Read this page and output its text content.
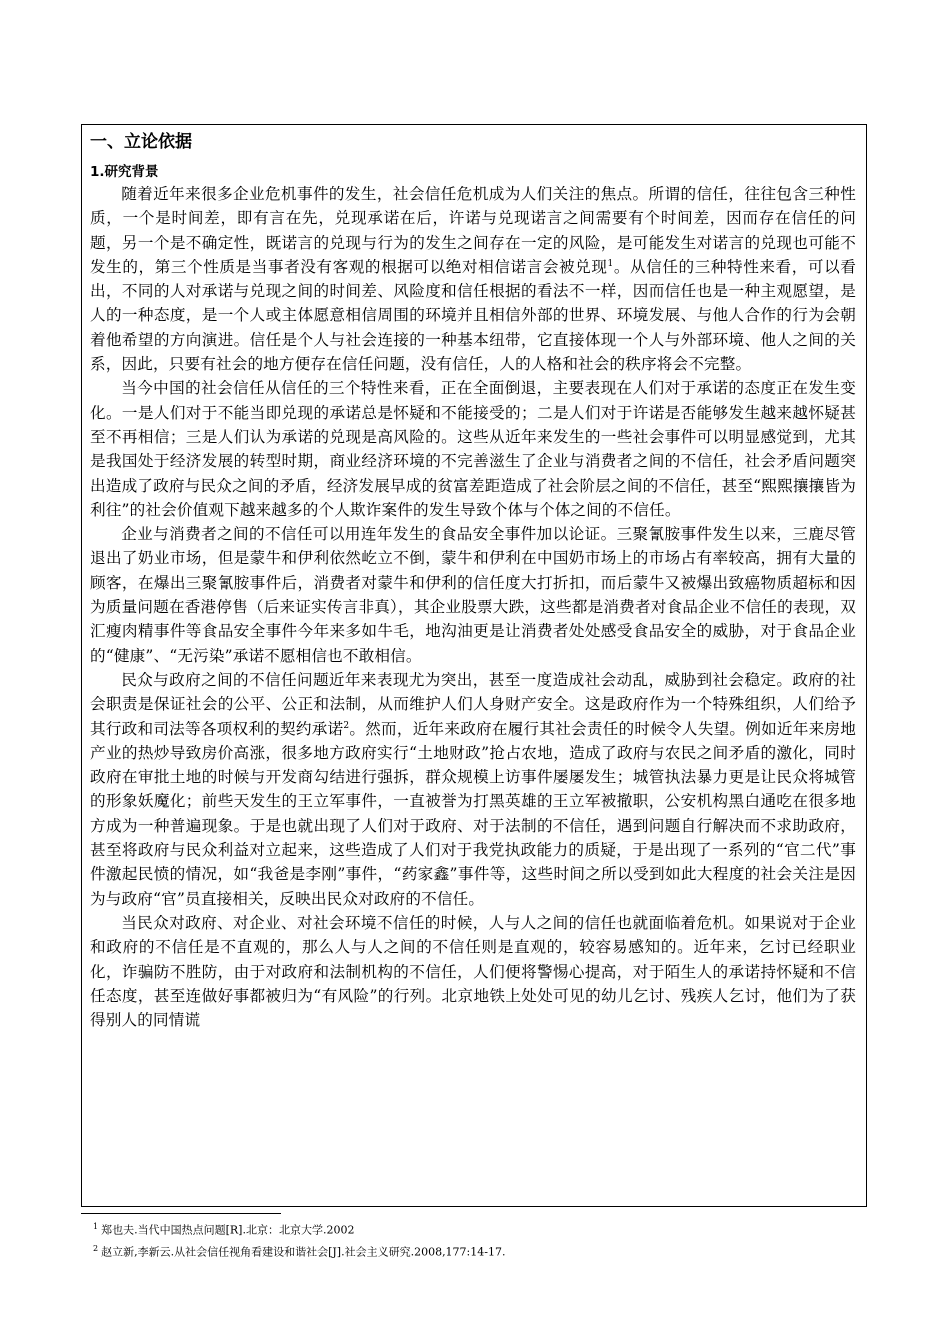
一、立论依据
1.研究背景

随着近年来很多企业危机事件的发生，社会信任危机成为人们关注的焦点。所谓的信任，往往包含三种性质，一个是时间差，即有言在先，兑现承诺在后，许诺与兑现诺言之间需要有个时间差，因而存在信任的问题，另一个是不确定性，既诺言的兑现与行为的发生之间存在一定的风险，是可能发生对诺言的兑现也可能不发生的，第三个性质是当事者没有客观的根据可以绝对相信诺言会被兑现$^1$。从信任的三种特性来看，可以看出，不同的人对承诺与兑现之间的时间差、风险度和信任根据的看法不一样，因而信任也是一种主观愿望，是人的一种态度，是一个人或主体愿意相信周围的环境并且相信外部的世界、环境发展、与他人合作的行为会朝着他希望的方向演进。信任是个人与社会连接的一种基本纽带，它直接体现一个人与外部环境、他人之间的关系，因此，只要有社会的地方便存在信任问题，没有信任，人的人格和社会的秩序将会不完整。

当今中国的社会信任从信任的三个特性来看，正在全面倒退，主要表现在人们对于承诺的态度正在发生变化。一是人们对于不能当即兑现的承诺总是怀疑和不能接受的；二是人们对于许诺是否能够发生越来越怀疑甚至不再相信；三是人们认为承诺的兑现是高风险的。这些从近年来发生的一些社会事件可以明显感觉到，尤其是我国处于经济发展的转型时期，商业经济环境的不完善滋生了企业与消费者之间的不信任，社会矛盾问题突出造成了政府与民众之间的矛盾，经济发展早成的贫富差距造成了社会阶层之间的不信任，甚至“熙熙攘攘皆为利往”的社会价值观下越来越多的个人欺诈案件的发生导致个体与个体之间的不信任。

企业与消费者之间的不信任可以用连年发生的食品安全事件加以论证。三聚氰胺事件发生以来，三鹿尽管退出了奶业市场，但是蒙牛和伊利依然屹立不倒，蒙牛和伊利在中国奶市场上的市场占有率较高，拥有大量的顾客，在爆出三聚氰胺事件后，消费者对蒙牛和伊利的信任度大打折扣，而后蒙牛又被爆出致癌物质超标和因为质量问题在香港停售（后来证实传言非真），其企业股票大跌，这些都是消费者对食品企业不信任的表现，双汇瘦肉精事件等食品安全事件今年来多如牛毛，地沟油更是让消费者处处感受食品安全的威胁，对于食品企业的“健康”、“无污染”承诺不愿相信也不敢相信。

民众与政府之间的不信任问题近年来表现尤为突出，甚至一度造成社会动乱，威胁到社会稳定。政府的社会职责是保证社会的公平、公正和法制，从而维护人们人身财产安全。这是政府作为一个特殊组织，人们给予其行政和司法等各项权利的契约承诺$^2$。然而，近年来政府在履行其社会责任的时候令人失望。例如近年来房地产业的热炒导致房价高涨，很多地方政府实行“土地财政”抢占农地，造成了政府与农民之间矛盾的激化，同时政府在审批土地的时候与开发商勾结进行强拆，群众规模上访事件屡屡发生；城管执法暴力更是让民众将城管的形象妖魔化；前些天发生的王立军事件，一直被誉为打黑英雄的王立军被撤职，公安机构黑白通吃在很多地方成为一种普遍现象。于是也就出现了人们对于政府、对于法制的不信任，遇到问题自行解决而不求助政府，甚至将政府与民众利益对立起来，这些造成了人们对于我党执政能力的质疑，于是出现了一系列的“官二代”事件激起民愤的情况，如“我爸是李刚”事件，“药家鑫”事件等，这些时间之所以受到如此大程度的社会关注是因为与政府“官”员直接相关，反映出民众对政府的不信任。

当民众对政府、对企业、对社会环境不信任的时候，人与人之间的信任也就面临着危机。如果说对于企业和政府的不信任是不直观的，那么人与人之间的不信任则是直观的，较容易感知的。近年来，乞讨已经职业化，诈骗防不胜防，由于对政府和法制机构的不信任，人们便将警惕心提高，对于陌生人的承诺持怀疑和不信任态度，甚至连做好事都被归为“有风险”的行列。北京地铁上处处可见的幼儿乞讨、残疾人乞讨，他们为了获得别人的同情谎

$^1$ 郑也夫.当代中国热点问题[R].北京：北京大学.2002
$^2$ 赵立新,李新云.从社会信任视角看建设和谐社会[J].社会主义研究.2008,177:14-17.
